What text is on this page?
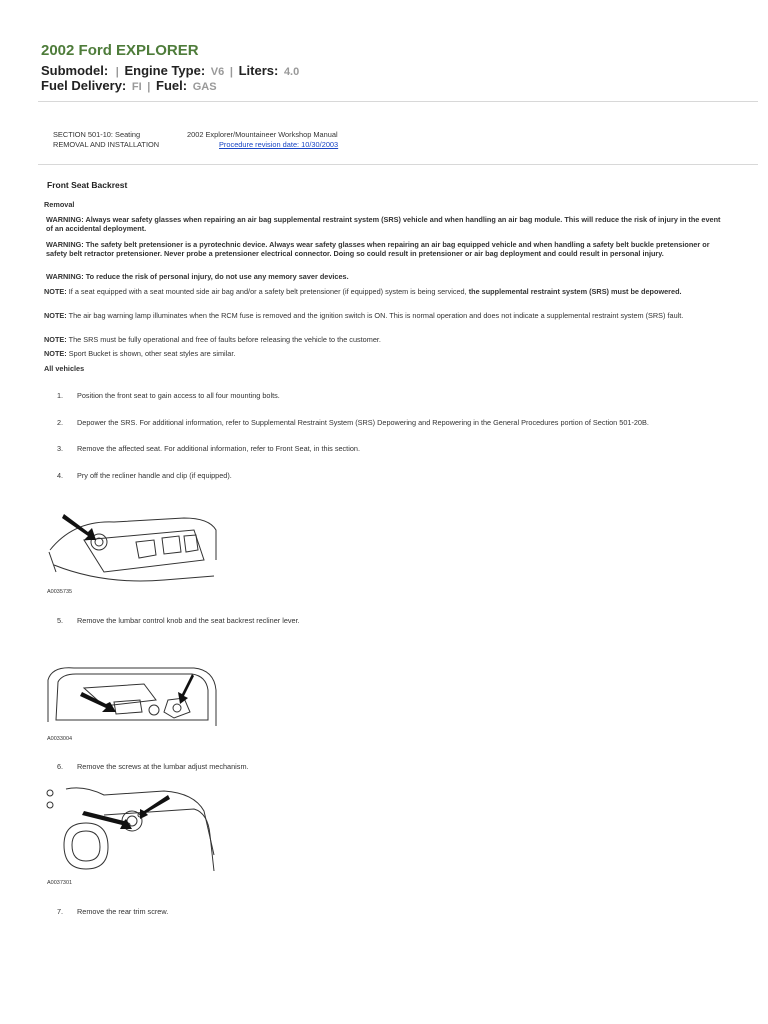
2002 Ford EXPLORER
Submodel: | Engine Type: V6 | Liters: 4.0
Fuel Delivery: FI | Fuel: GAS
SECTION 501-10: Seating
REMOVAL AND INSTALLATION
2002 Explorer/Mountaineer Workshop Manual
Procedure revision date: 10/30/2003
Front Seat Backrest
Removal
WARNING: Always wear safety glasses when repairing an air bag supplemental restraint system (SRS) vehicle and when handling an air bag module. This will reduce the risk of injury in the event of an accidental deployment.
WARNING: The safety belt pretensioner is a pyrotechnic device. Always wear safety glasses when repairing an air bag equipped vehicle and when handling a safety belt buckle pretensioner or safety belt retractor pretensioner. Never probe a pretensioner electrical connector. Doing so could result in pretensioner or air bag deployment and could result in personal injury.
WARNING: To reduce the risk of personal injury, do not use any memory saver devices.
NOTE: If a seat equipped with a seat mounted side air bag and/or a safety belt pretensioner (if equipped) system is being serviced, the supplemental restraint system (SRS) must be depowered.
NOTE: The air bag warning lamp illuminates when the RCM fuse is removed and the ignition switch is ON. This is normal operation and does not indicate a supplemental restraint system (SRS) fault.
NOTE: The SRS must be fully operational and free of faults before releasing the vehicle to the customer.
NOTE: Sport Bucket is shown, other seat styles are similar.
All vehicles
1. Position the front seat to gain access to all four mounting bolts.
2. Depower the SRS. For additional information, refer to Supplemental Restraint System (SRS) Depowering and Repowering in the General Procedures portion of Section 501-20B.
3. Remove the affected seat. For additional information, refer to Front Seat, in this section.
4. Pry off the recliner handle and clip (if equipped).
A0035735
5. Remove the lumbar control knob and the seat backrest recliner lever.
A0033004
6. Remove the screws at the lumbar adjust mechanism.
A0037301
7. Remove the rear trim screw.
